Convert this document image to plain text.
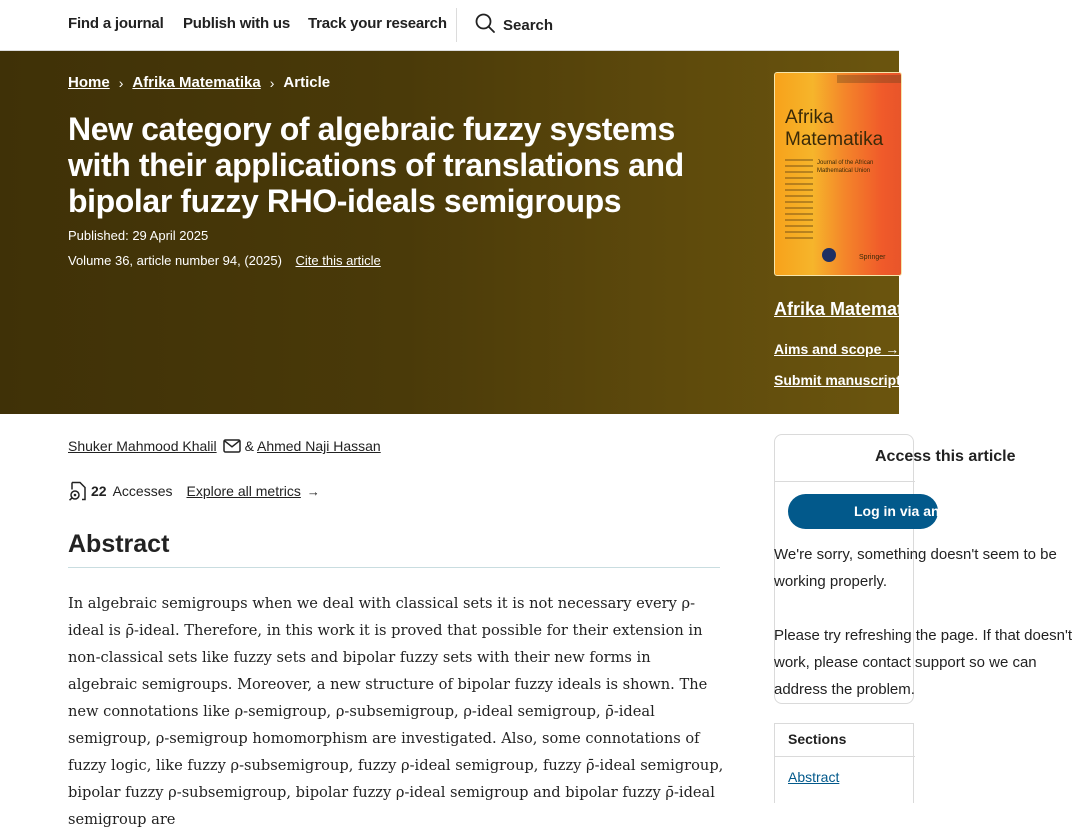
Find a journal Publish with us Track your research	Search
Home › Afrika Matematika › Article
New category of algebraic fuzzy systems with their applications of translations and bipolar fuzzy RHO-ideals semigroups
Published: 29 April 2025
Volume 36, article number 94, (2025) Cite this article
Afrika
Matematika
Journal of the African Mathematical Union
Springer
Afrika Matematika
Aims and scope →
Submit manuscript →
Shuker Mahmood Khalil & Ahmed Naji Hassan
22 Accesses Explore all metrics →
Abstract

In algebraic semigroups when we deal with classical sets it is not necessary every ρ-ideal is ρ̄-ideal. Therefore, in this work it is proved that possible for their extension in non-classical sets like fuzzy sets and bipolar fuzzy sets with their new forms in algebraic semigroups. Moreover, a new structure of bipolar fuzzy ideals is shown. The new connotations like ρ-semigroup, ρ-subsemigroup, ρ-ideal semigroup, ρ̄-ideal semigroup, ρ-semigroup homomorphism are investigated. Also, some connotations of fuzzy logic, like fuzzy ρ-subsemigroup, fuzzy ρ-ideal semigroup, fuzzy ρ̄-ideal semigroup, bipolar fuzzy ρ-subsemigroup, bipolar fuzzy ρ-ideal semigroup and bipolar fuzzy ρ̄-ideal semigroup are

Access this article
Log in via an institution
We're sorry, something doesn't seem to be
working properly.
Please try refreshing the page. If that doesn't
work, please contact support so we can
address the problem.
Sections
Abstract
